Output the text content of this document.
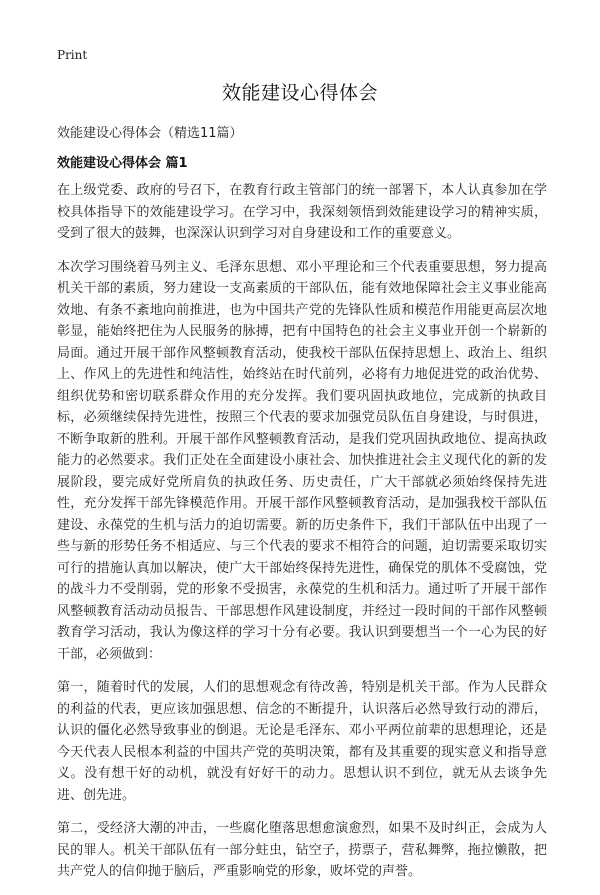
Print
效能建设心得体会
效能建设心得体会（精选11篇）
效能建设心得体会 篇1

在上级党委、政府的号召下，在教育行政主管部门的统一部署下，本人认真参加在学校具体指导下的效能建设学习。在学习中，我深刻领悟到效能建设学习的精神实质，受到了很大的鼓舞，也深深认识到学习对自身建设和工作的重要意义。

本次学习围绕着马列主义、毛泽东思想、邓小平理论和三个代表重要思想，努力提高机关干部的素质，努力建设一支高素质的干部队伍，能有效地保障社会主义事业能高效地、有条不紊地向前推进，也为中国共产党的先锋队性质和模范作用能更高层次地彰显，能始终把住为人民服务的脉搏，把有中国特色的社会主义事业开创一个崭新的局面。通过开展干部作风整顿教育活动，使我校干部队伍保持思想上、政治上、组织上、作风上的先进性和纯洁性，始终站在时代前列，必将有力地促进党的政治优势、组织优势和密切联系群众作用的充分发挥。我们要巩固执政地位，完成新的执政目标，必须继续保持先进性，按照三个代表的要求加强党员队伍自身建设，与时俱进，不断争取新的胜利。开展干部作风整顿教育活动，是我们党巩固执政地位、提高执政能力的必然要求。我们正处在全面建设小康社会、加快推进社会主义现代化的新的发展阶段，要完成好党所肩负的执政任务、历史责任，广大干部就必须始终保持先进性，充分发挥干部先锋模范作用。开展干部作风整顿教育活动，是加强我校干部队伍建设、永葆党的生机与活力的迫切需要。新的历史条件下，我们干部队伍中出现了一些与新的形势任务不相适应、与三个代表的要求不相符合的问题，迫切需要采取切实可行的措施认真加以解决，使广大干部始终保持先进性，确保党的肌体不受腐蚀，党的战斗力不受削弱，党的形象不受损害，永葆党的生机和活力。通过听了开展干部作风整顿教育活动动员报告、干部思想作风建设制度，并经过一段时间的干部作风整顿教育学习活动，我认为像这样的学习十分有必要。我认识到要想当一个一心为民的好干部，必须做到：

第一，随着时代的发展，人们的思想观念有待改善，特别是机关干部。作为人民群众的利益的代表，更应该加强思想、信念的不断提升，认识落后必然导致行动的滞后，认识的僵化必然导致事业的倒退。无论是毛泽东、邓小平两位前辈的思想理论，还是今天代表人民根本利益的中国共产党的英明决策，都有及其重要的现实意义和指导意义。没有想干好的动机，就没有好好干的动力。思想认识不到位，就无从去谈争先进、创先进。

第二，受经济大潮的冲击，一些腐化堕落思想愈演愈烈，如果不及时纠正，会成为人民的罪人。机关干部队伍有一部分蛀虫，钻空子，捞票子，营私舞弊，拖拉懒散，把共产党人的信仰抛于脑后，严重影响党的形象，败坏党的声誉。
